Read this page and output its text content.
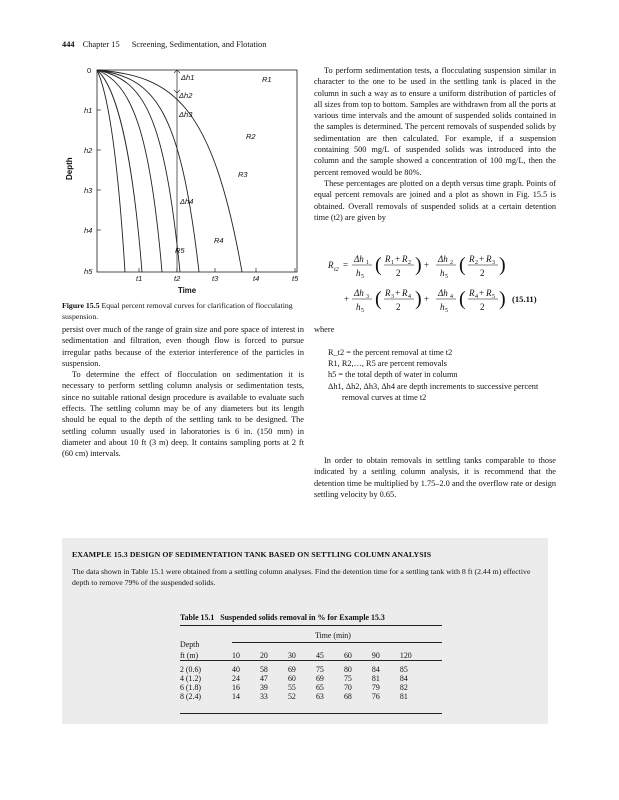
444 Chapter 15 Screening, Sedimentation, and Flotation
0
h1
h2
h3
h4
h5
t1	t2	t3	t4	t5
Depth
R1
R2
R3
R4
R5
Δh1
Δh2
Δh3
Δh4
Time
Figure 15.5 Equal percent removal curves for clarification of flocculating suspension.

To perform sedimentation tests, a flocculating suspension similar in character to the one to be used in the settling tank is placed in the column in such a way as to ensure a uniform distribution of particles of all sizes from top to bottom. Samples are withdrawn from all the ports at various time intervals and the amount of suspended solids contained in the samples is determined. The percent removals of suspended solids by sedimentation are then calculated. For example, if a suspension containing 500 mg/L of suspended solids was introduced into the column and the sample showed a concentration of 100 mg/L, then the percent removed would be 80%.

These percentages are plotted on a depth versus time graph. Points of equal percent removals are joined and a plot as shown in Fig. 15.5 is obtained. Overall removals of suspended solids at a certain detention time (t2) are given by

R t2 =
Δh 1
h 5
( R 1 + R 2
2 ) +
Δh 2
h 5
( R 2 + R 3
2 )
+
Δh 3
h 5
( R 3 + R 4
2 ) +
Δh 4
h 5
( R 4 + R 5
2 ) (15.11)
where
R_t2 = the percent removal at time t2
R1, R2,…, R5 are percent removals
h5 = the total depth of water in column
Δh1, Δh2, Δh3, Δh4 are depth increments to successive percent removal curves at time t2

In order to obtain removals in settling tanks comparable to those indicated by a settling column analysis, it is recommend that the detention time be multiplied by 1.75–2.0 and the overflow rate or design settling velocity by 0.65.

persist over much of the range of grain size and pore space of interest in sedimentation and filtration, even though flow is forced to pursue irregular paths because of the exterior interference of the particles in suspension.

To determine the effect of flocculation on sedimentation it is necessary to perform settling column analysis or sedimentation tests, since no suitable rational design procedure is available to evaluate such effects. The settling column may be of any diameters but its length should be equal to the depth of the settling tank to be designed. The settling column usually used in laboratories is 6 in. (150 mm) in diameter and about 10 ft (3 m) deep. It contains sampling ports at 2 ft (60 cm) intervals.

EXAMPLE 15.3 DESIGN OF SEDIMENTATION TANK BASED ON SETTLING COLUMN ANALYSIS
The data shown in Table 15.1 were obtained from a settling column analyses. Find the detention time for a settling tank with 8 ft (2.44 m) effective depth to remove 79% of the suspended solids.
Table 15.1 Suspended solids removal in % for Example 15.3
Time (min)
Depth
ft (m)	10	20	30	45	60	90	120

2 (0.6)	40	58	69	75	80	84	85
4 (1.2)	24	47	60	69	75	81	84
6 (1.8)	16	39	55	65	70	79	82
8 (2.4)	14	33	52	63	68	76	81
